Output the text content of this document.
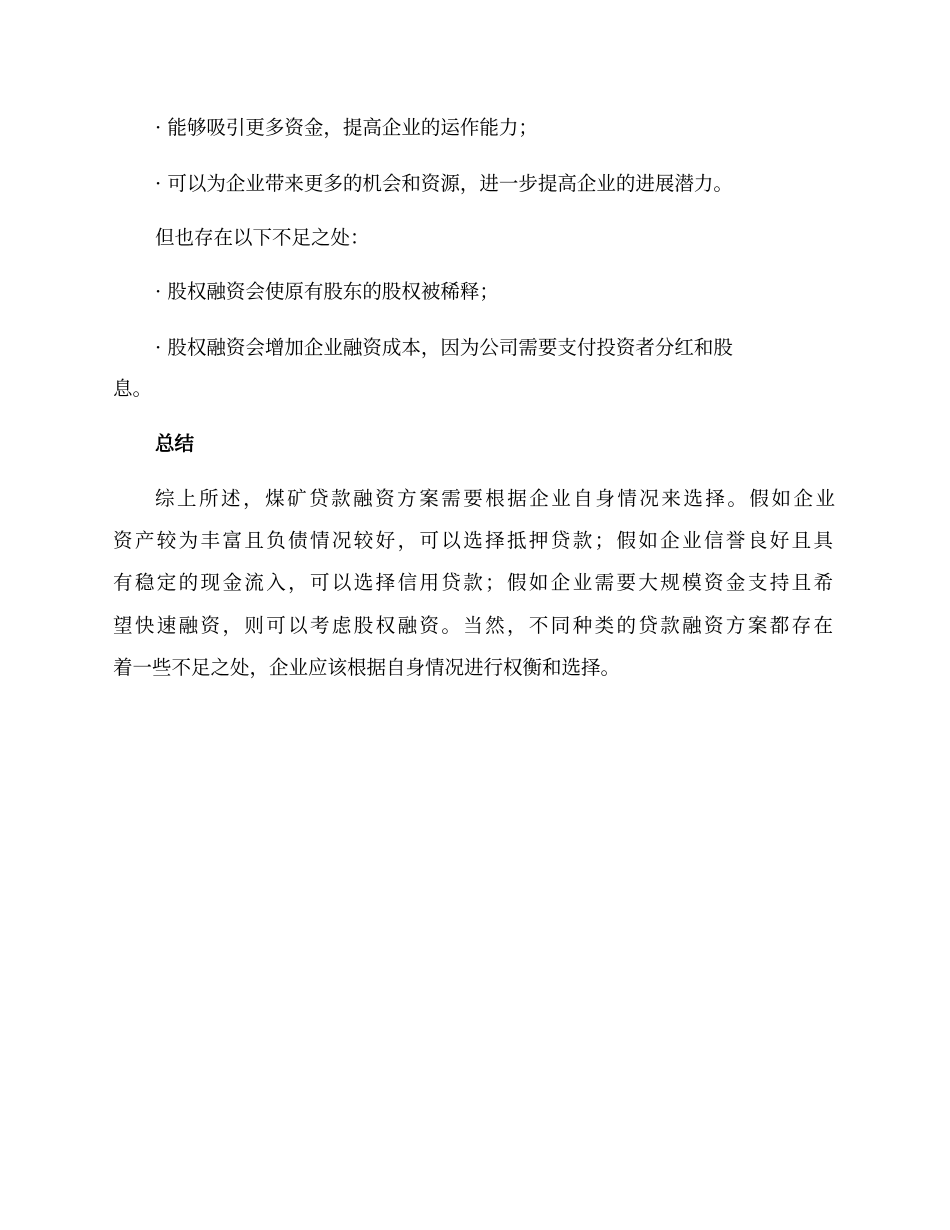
· 能够吸引更多资金，提高企业的运作能力；
· 可以为企业带来更多的机会和资源，进一步提高企业的进展潜力。
但也存在以下不足之处：
· 股权融资会使原有股东的股权被稀释；
· 股权融资会增加企业融资成本，因为公司需要支付投资者分红和股
息。
总结
综上所述，煤矿贷款融资方案需要根据企业自身情况来选择。假如企业
资产较为丰富且负债情况较好，可以选择抵押贷款；假如企业信誉良好且具
有稳定的现金流入，可以选择信用贷款；假如企业需要大规模资金支持且希
望快速融资，则可以考虑股权融资。当然，不同种类的贷款融资方案都存在
着一些不足之处，企业应该根据自身情况进行权衡和选择。
